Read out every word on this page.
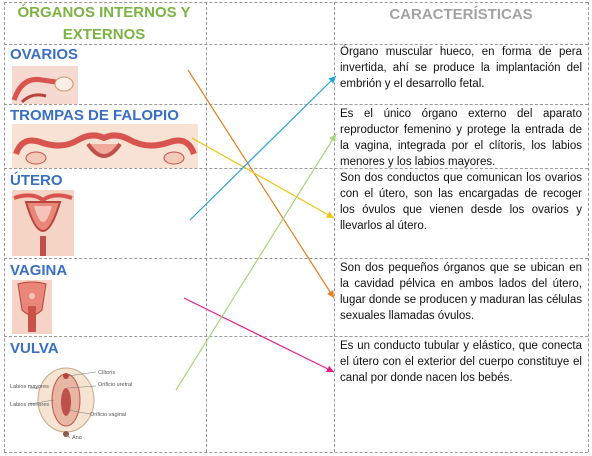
ÓRGANOS INTERNOS Y EXTERNOS
CARACTERÍSTICAS
OVARIOS
TROMPAS DE FALOPIO
ÚTERO
VAGINA
VULVA
Clítoris
Orificio uretral
Labios mayores
Labios menores
Orificio vaginal
Ano
Órgano muscular hueco, en forma de pera invertida, ahí se produce la implantación del embrión y el desarrollo fetal.
Es el único órgano externo del aparato reproductor femenino y protege la entrada de la vagina, integrada por el clítoris, los labios menores y los labios mayores.
Son dos conductos que comunican los ovarios con el útero, son las encargadas de recoger los óvulos que vienen desde los ovarios y llevarlos al útero.
Son dos pequeños órganos que se ubican en la cavidad pélvica en ambos lados del útero, lugar donde se producen y maduran las células sexuales llamadas óvulos.
Es un conducto tubular y elástico, que conecta el útero con el exterior del cuerpo constituye el canal por donde nacen los bebés.
